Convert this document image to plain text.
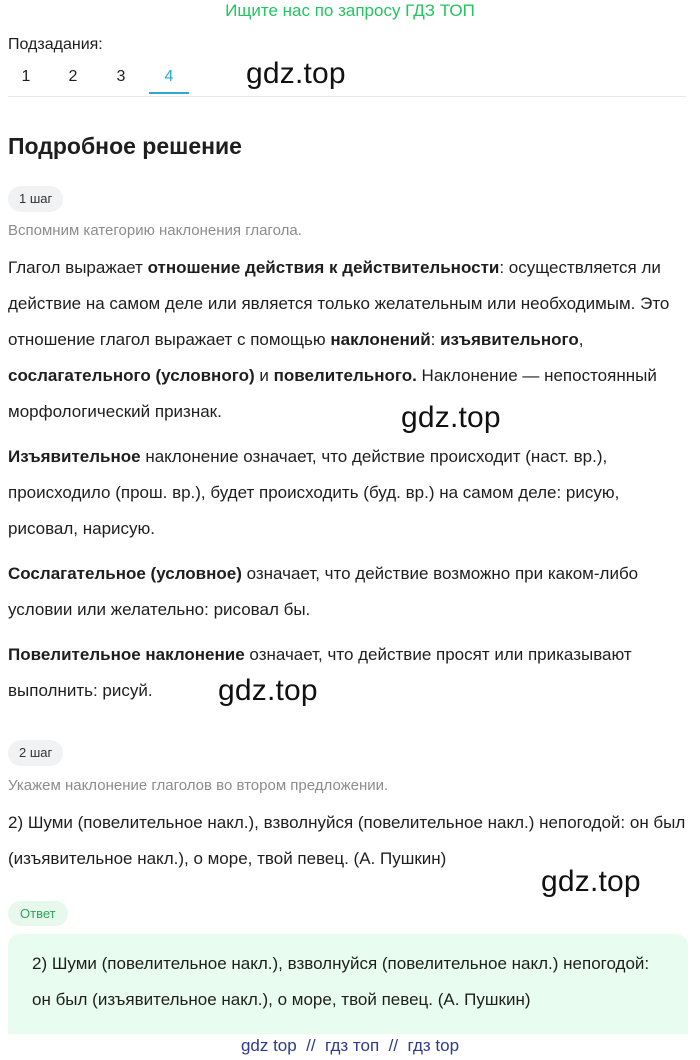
Ищите нас по запросу ГДЗ ТОП
Подзадания:
1	2	3	4	gdz.top
Подробное решение
1 шаг
Вспомним категорию наклонения глагола.

Глагол выражает отношение действия к действительности: осуществляется ли действие на самом деле или является только желательным или необходимым. Это отношение глагол выражает с помощью наклонений: изъявительного, сослагательного (условного) и повелительного. Наклонение — непостоянный морфологический признак.	gdz.top

Изъявительное наклонение означает, что действие происходит (наст. вр.), происходило (прош. вр.), будет происходить (буд. вр.) на самом деле: рисую, рисовал, нарисую.

Сослагательное (условное) означает, что действие возможно при каком-либо условии или желательно: рисовал бы.

Повелительное наклонение означает, что действие просят или приказывают выполнить: рисуй.	gdz.top
2 шаг
Укажем наклонение глаголов во втором предложении.

2) Шуми (повелительное накл.), взволнуйся (повелительное накл.) непогодой: он был (изъявительное накл.), о море, твой певец. (А. Пушкин)

gdz.top
Ответ

2) Шуми (повелительное накл.), взволнуйся (повелительное накл.) непогодой: он был (изъявительное накл.), о море, твой певец. (А. Пушкин)

gdz top  //  гдз топ  //  гдз top
